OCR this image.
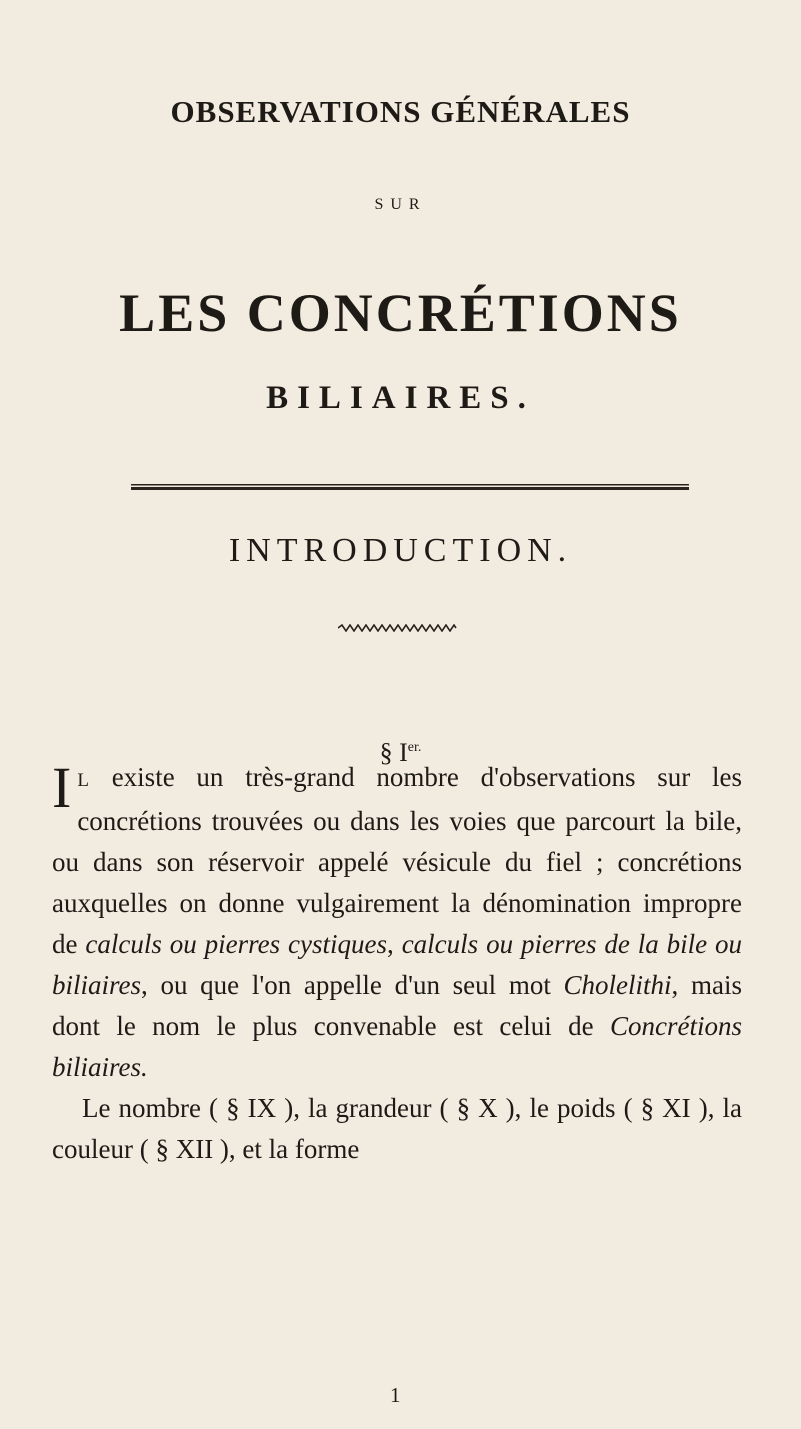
OBSERVATIONS GÉNÉRALES
SUR
LES CONCRÉTIONS
BILIAIRES.
INTRODUCTION.
§ $I^{er.}$

I L existe un très-grand nombre d'observations sur les concrétions trouvées ou dans les voies que parcourt la bile, ou dans son réservoir appelé vésicule du fiel ; concrétions auxquelles on donne vulgairement la dénomination impropre de calculs ou pierres cystiques, calculs ou pierres de la bile ou biliaires, ou que l'on appelle d'un seul mot Cholelithi, mais dont le nom le plus convenable est celui de Concrétions biliaires.

Le nombre ( § IX ), la grandeur ( § X ), le poids ( § XI ), la couleur ( § XII ), et la forme

1
